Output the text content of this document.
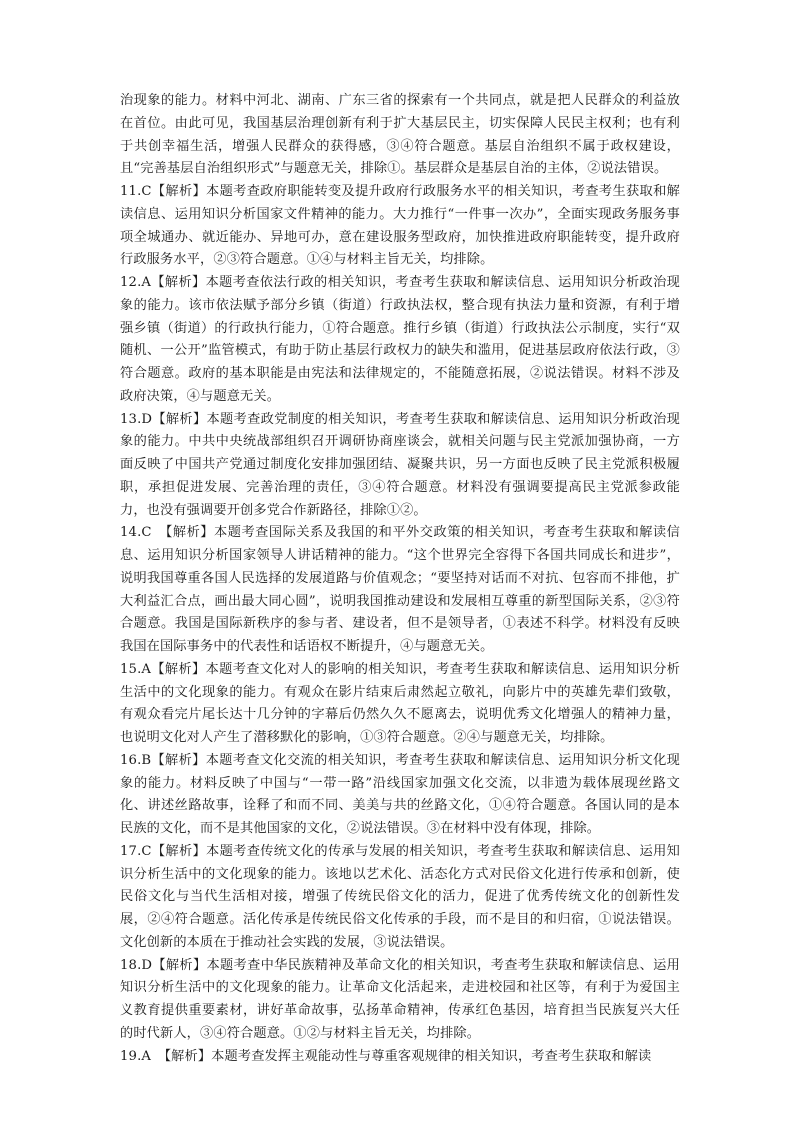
治现象的能力。材料中河北、湖南、广东三省的探索有一个共同点，就是把人民群众的利益放在首位。由此可见，我国基层治理创新有利于扩大基层民主，切实保障人民民主权利；也有利于共创幸福生活，增强人民群众的获得感，③④符合题意。基层自治组织不属于政权建设，且“完善基层自治组织形式”与题意无关，排除①。基层群众是基层自治的主体，②说法错误。

11.C【解析】本题考查政府职能转变及提升政府行政服务水平的相关知识，考查考生获取和解读信息、运用知识分析国家文件精神的能力。大力推行“一件事一次办”，全面实现政务服务事项全城通办、就近能办、异地可办，意在建设服务型政府，加快推进政府职能转变，提升政府行政服务水平，②③符合题意。①④与材料主旨无关，均排除。

12.A【解析】本题考查依法行政的相关知识，考查考生获取和解读信息、运用知识分析政治现象的能力。该市依法赋予部分乡镇（街道）行政执法权，整合现有执法力量和资源，有利于增强乡镇（街道）的行政执行能力，①符合题意。推行乡镇（街道）行政执法公示制度，实行“双随机、一公开”监管模式，有助于防止基层行政权力的缺失和滥用，促进基层政府依法行政，③符合题意。政府的基本职能是由宪法和法律规定的，不能随意拓展，②说法错误。材料不涉及政府决策，④与题意无关。

13.D【解析】本题考查政党制度的相关知识，考查考生获取和解读信息、运用知识分析政治现象的能力。中共中央统战部组织召开调研协商座谈会，就相关问题与民主党派加强协商，一方面反映了中国共产党通过制度化安排加强团结、凝聚共识，另一方面也反映了民主党派积极履职，承担促进发展、完善治理的责任，③④符合题意。材料没有强调要提高民主党派参政能力，也没有强调要开创多党合作新路径，排除①②。

14.C　【解析】本题考查国际关系及我国的和平外交政策的相关知识，考查考生获取和解读信息、运用知识分析国家领导人讲话精神的能力。“这个世界完全容得下各国共同成长和进步”，说明我国尊重各国人民选择的发展道路与价值观念；“要坚持对话而不对抗、包容而不排他，扩大利益汇合点，画出最大同心圆”，说明我国推动建设和发展相互尊重的新型国际关系，②③符合题意。我国是国际新秩序的参与者、建设者，但不是领导者，①表述不科学。材料没有反映我国在国际事务中的代表性和话语权不断提升，④与题意无关。

15.A【解析】本题考查文化对人的影响的相关知识，考查考生获取和解读信息、运用知识分析生活中的文化现象的能力。有观众在影片结束后肃然起立敬礼，向影片中的英雄先辈们致敬，有观众看完片尾长达十几分钟的字幕后仍然久久不愿离去，说明优秀文化增强人的精神力量，也说明文化对人产生了潜移默化的影响，①③符合题意。②④与题意无关，均排除。

16.B【解析】本题考查文化交流的相关知识，考查考生获取和解读信息、运用知识分析文化现象的能力。材料反映了中国与“一带一路”沿线国家加强文化交流，以非遗为载体展现丝路文化、讲述丝路故事，诠释了和而不同、美美与共的丝路文化，①④符合题意。各国认同的是本民族的文化，而不是其他国家的文化，②说法错误。③在材料中没有体现，排除。

17.C【解析】本题考查传统文化的传承与发展的相关知识，考查考生获取和解读信息、运用知识分析生活中的文化现象的能力。该地以艺术化、活态化方式对民俗文化进行传承和创新，使民俗文化与当代生活相对接，增强了传统民俗文化的活力，促进了优秀传统文化的创新性发展，②④符合题意。活化传承是传统民俗文化传承的手段，而不是目的和归宿，①说法错误。文化创新的本质在于推动社会实践的发展，③说法错误。

18.D【解析】本题考查中华民族精神及革命文化的相关知识，考查考生获取和解读信息、运用知识分析生活中的文化现象的能力。让革命文化活起来，走进校园和社区等，有利于为爱国主义教育提供重要素材，讲好革命故事，弘扬革命精神，传承红色基因，培育担当民族复兴大任的时代新人，③④符合题意。①②与材料主旨无关，均排除。

19.A　【解析】本题考查发挥主观能动性与尊重客观规律的相关知识，考查考生获取和解读
